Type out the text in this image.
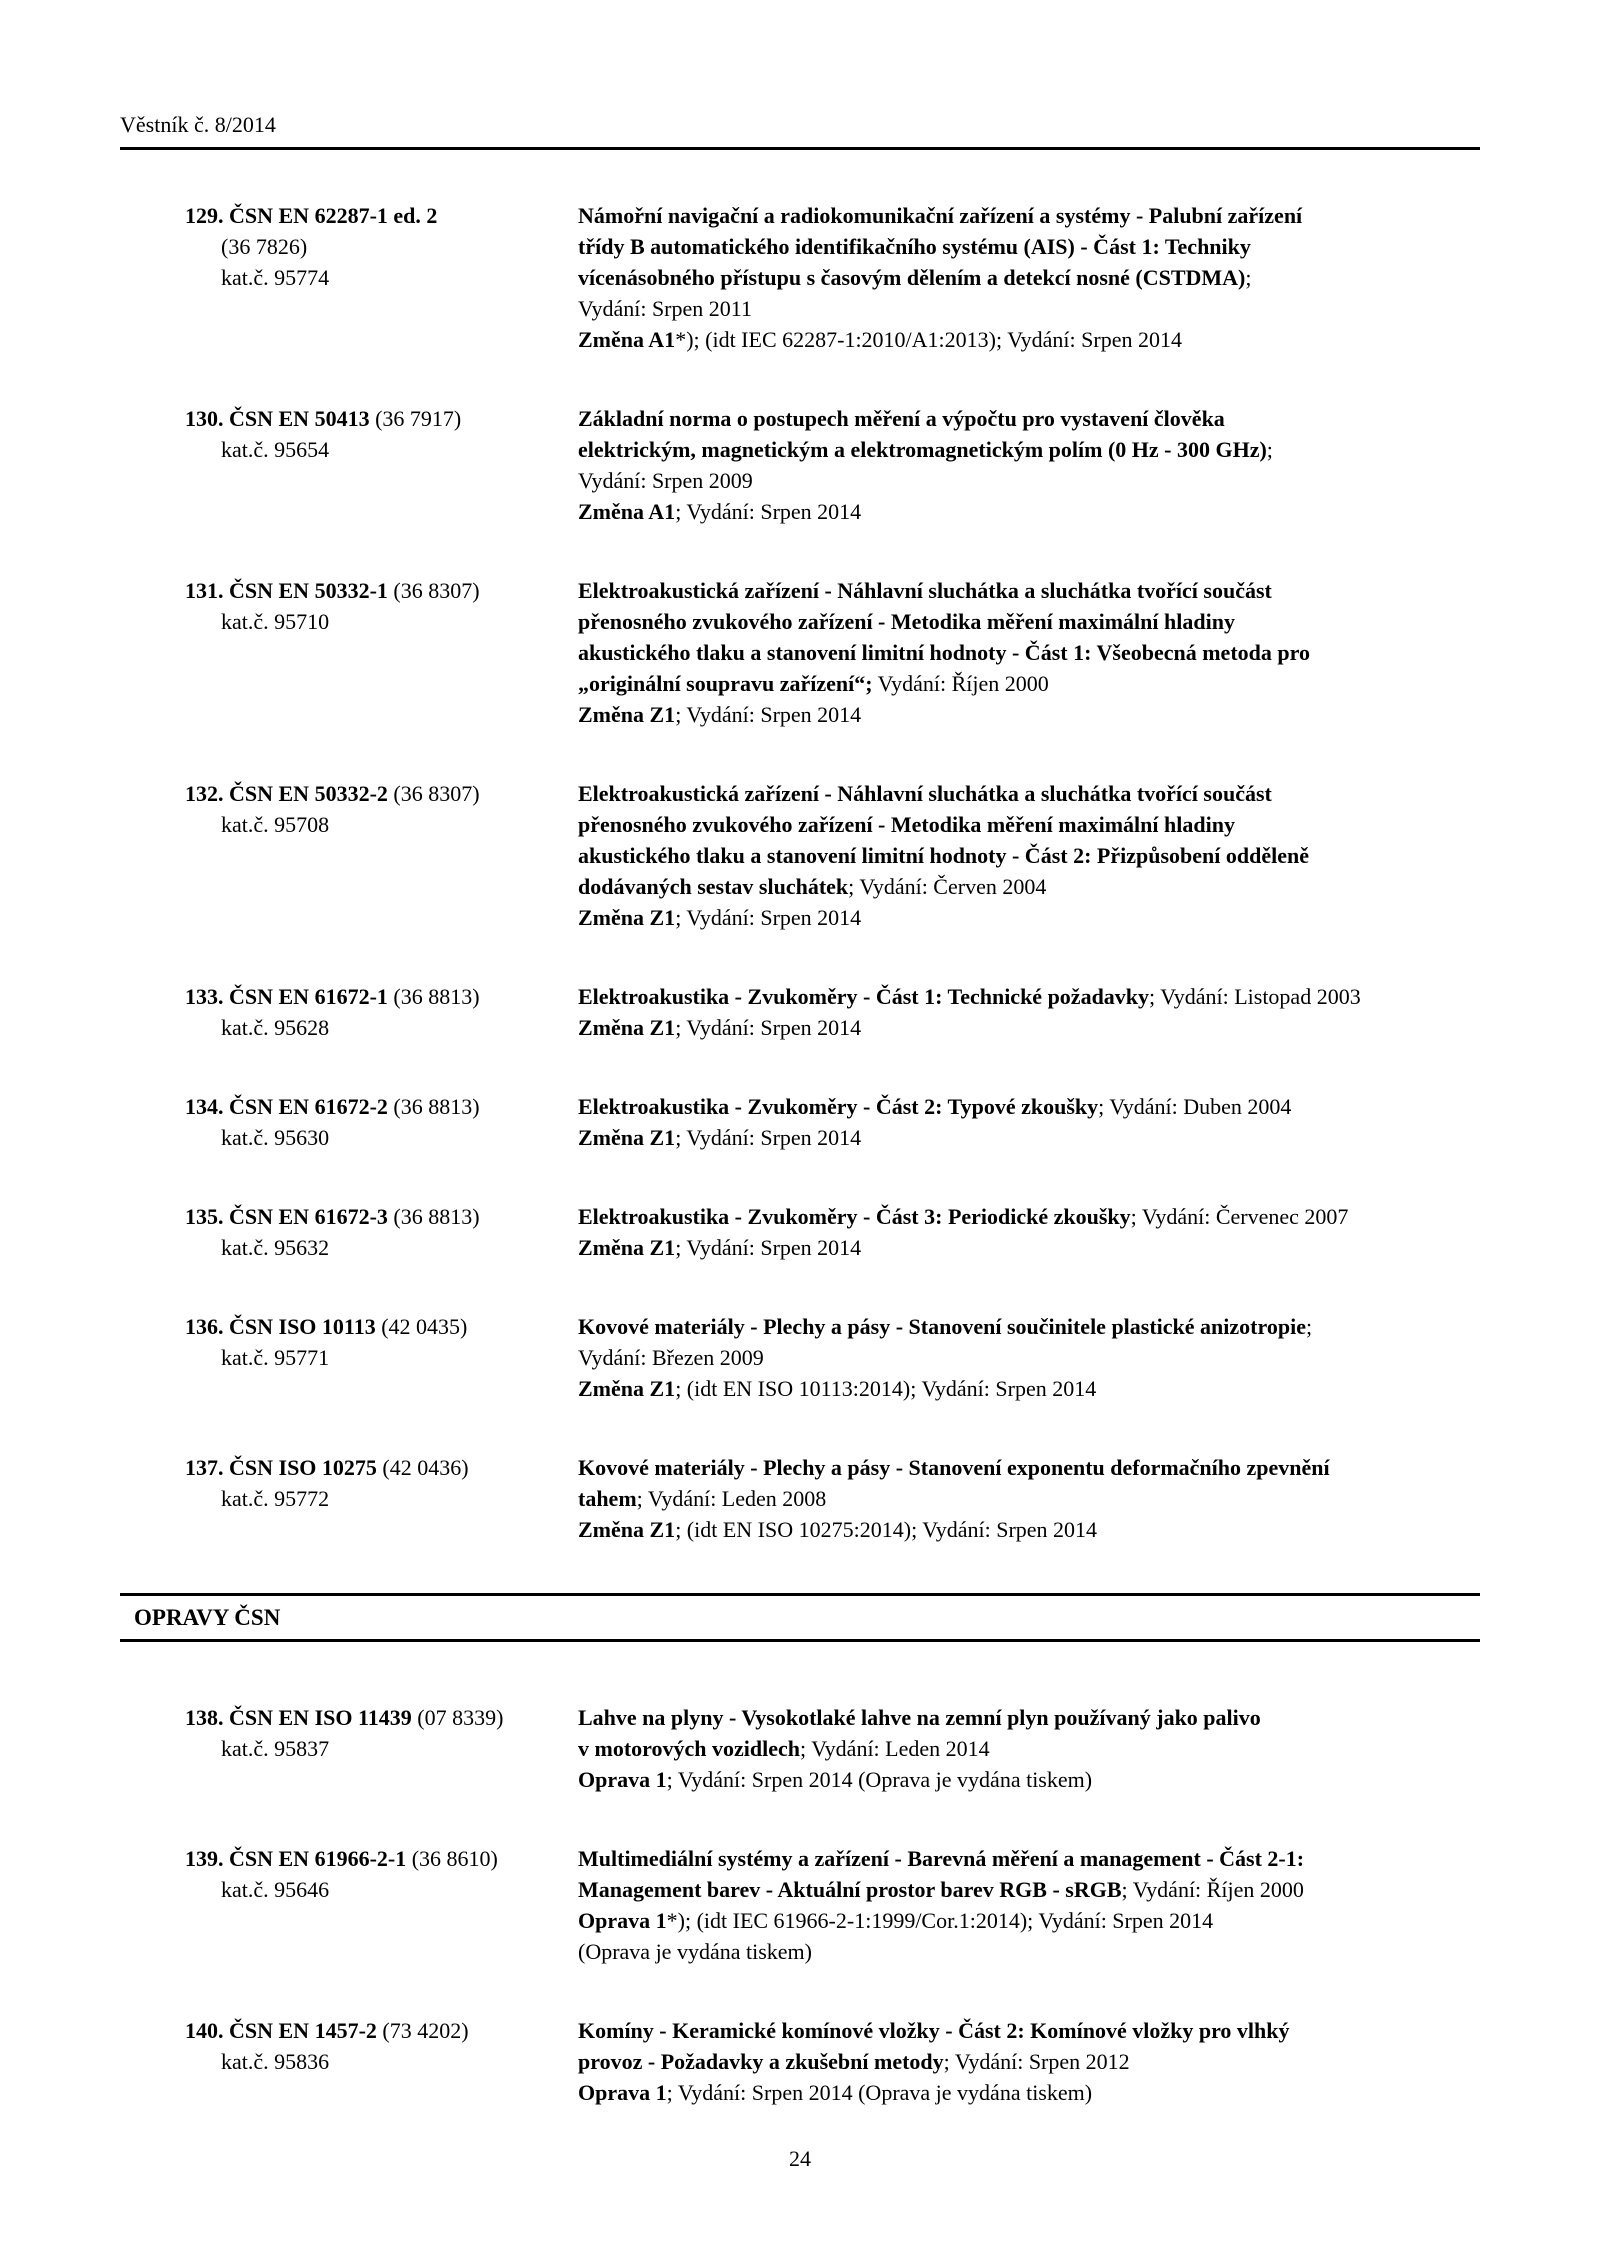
Věstník č. 8/2014
129. ČSN EN 62287-1 ed. 2
(36 7826)
kat.č. 95774
Námořní navigační a radiokomunikační zařízení a systémy - Palubní zařízení
třídy B automatického identifikačního systému (AIS) - Část 1: Techniky
vícenásobného přístupu s časovým dělením a detekcí nosné (CSTDMA);
Vydání: Srpen 2011
Změna A1*); (idt IEC 62287-1:2010/A1:2013); Vydání: Srpen 2014
130. ČSN EN 50413 (36 7917)
kat.č. 95654
Základní norma o postupech měření a výpočtu pro vystavení člověka
elektrickým, magnetickým a elektromagnetickým polím (0 Hz - 300 GHz);
Vydání: Srpen 2009
Změna A1; Vydání: Srpen 2014
131. ČSN EN 50332-1 (36 8307)
kat.č. 95710
Elektroakustická zařízení - Náhlavní sluchátka a sluchátka tvořící součást
přenosného zvukového zařízení - Metodika měření maximální hladiny
akustického tlaku a stanovení limitní hodnoty - Část 1: Všeobecná metoda pro
„originální soupravu zařízení“; Vydání: Říjen 2000
Změna Z1; Vydání: Srpen 2014
132. ČSN EN 50332-2 (36 8307)
kat.č. 95708
Elektroakustická zařízení - Náhlavní sluchátka a sluchátka tvořící součást
přenosného zvukového zařízení - Metodika měření maximální hladiny
akustického tlaku a stanovení limitní hodnoty - Část 2: Přizpůsobení odděleně
dodávaných sestav sluchátek; Vydání: Červen 2004
Změna Z1; Vydání: Srpen 2014
133. ČSN EN 61672-1 (36 8813)
kat.č. 95628
Elektroakustika - Zvukoměry - Část 1: Technické požadavky; Vydání: Listopad 2003
Změna Z1; Vydání: Srpen 2014
134. ČSN EN 61672-2 (36 8813)
kat.č. 95630
Elektroakustika - Zvukoměry - Část 2: Typové zkoušky; Vydání: Duben 2004
Změna Z1; Vydání: Srpen 2014
135. ČSN EN 61672-3 (36 8813)
kat.č. 95632
Elektroakustika - Zvukoměry - Část 3: Periodické zkoušky; Vydání: Červenec 2007
Změna Z1; Vydání: Srpen 2014
136. ČSN ISO 10113 (42 0435)
kat.č. 95771
Kovové materiály - Plechy a pásy - Stanovení součinitele plastické anizotropie;
Vydání: Březen 2009
Změna Z1; (idt EN ISO 10113:2014); Vydání: Srpen 2014
137. ČSN ISO 10275 (42 0436)
kat.č. 95772
Kovové materiály - Plechy a pásy - Stanovení exponentu deformačního zpevnění
tahem; Vydání: Leden 2008
Změna Z1; (idt EN ISO 10275:2014); Vydání: Srpen 2014
OPRAVY ČSN
138. ČSN EN ISO 11439 (07 8339)
kat.č. 95837
Lahve na plyny - Vysokotlaké lahve na zemní plyn používaný jako palivo
v motorových vozidlech; Vydání: Leden 2014
Oprava 1; Vydání: Srpen 2014 (Oprava je vydána tiskem)
139. ČSN EN 61966-2-1 (36 8610)
kat.č. 95646
Multimediální systémy a zařízení - Barevná měření a management - Část 2-1:
Management barev - Aktuální prostor barev RGB - sRGB; Vydání: Říjen 2000
Oprava 1*); (idt IEC 61966-2-1:1999/Cor.1:2014); Vydání: Srpen 2014
(Oprava je vydána tiskem)
140. ČSN EN 1457-2 (73 4202)
kat.č. 95836
Komíny - Keramické komínové vložky - Část 2: Komínové vložky pro vlhký
provoz - Požadavky a zkušební metody; Vydání: Srpen 2012
Oprava 1; Vydání: Srpen 2014 (Oprava je vydána tiskem)
24
